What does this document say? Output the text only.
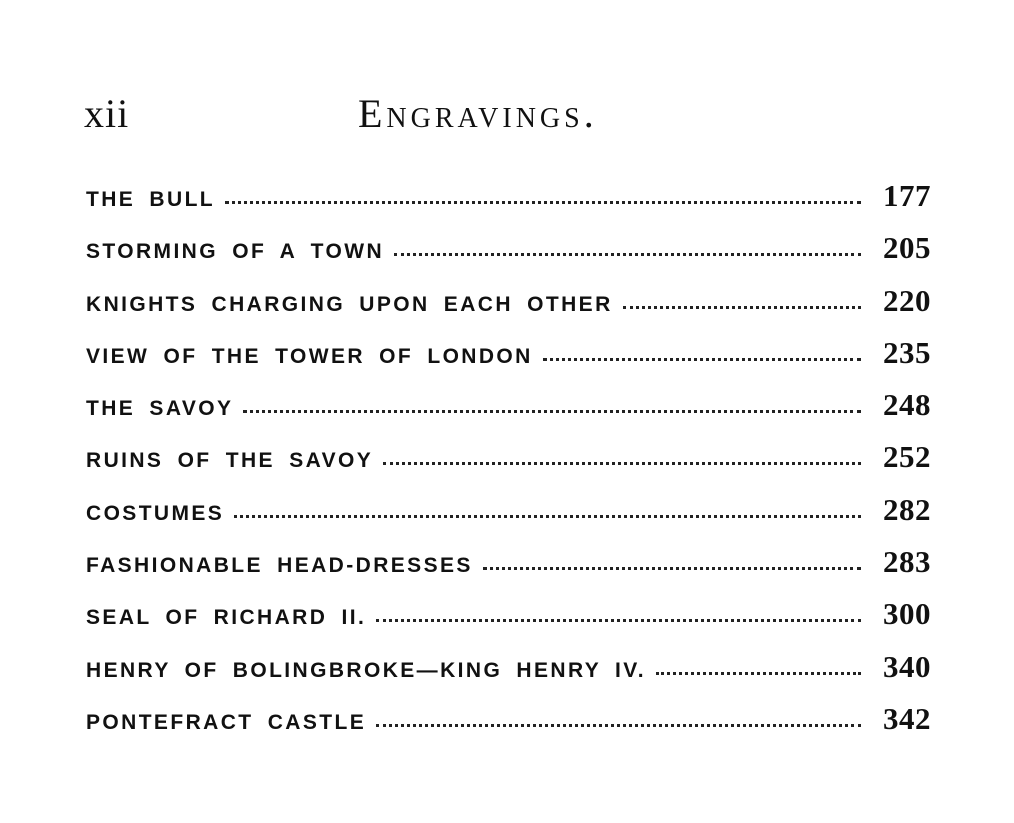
xii	Engravings.
THE BULL	177
STORMING OF A TOWN	205
KNIGHTS CHARGING UPON EACH OTHER	220
VIEW OF THE TOWER OF LONDON	235
THE SAVOY	248
RUINS OF THE SAVOY	252
COSTUMES	282
FASHIONABLE HEAD-DRESSES	283
SEAL OF RICHARD II.	300
HENRY OF BOLINGBROKE—KING HENRY IV.	340
PONTEFRACT CASTLE	342
